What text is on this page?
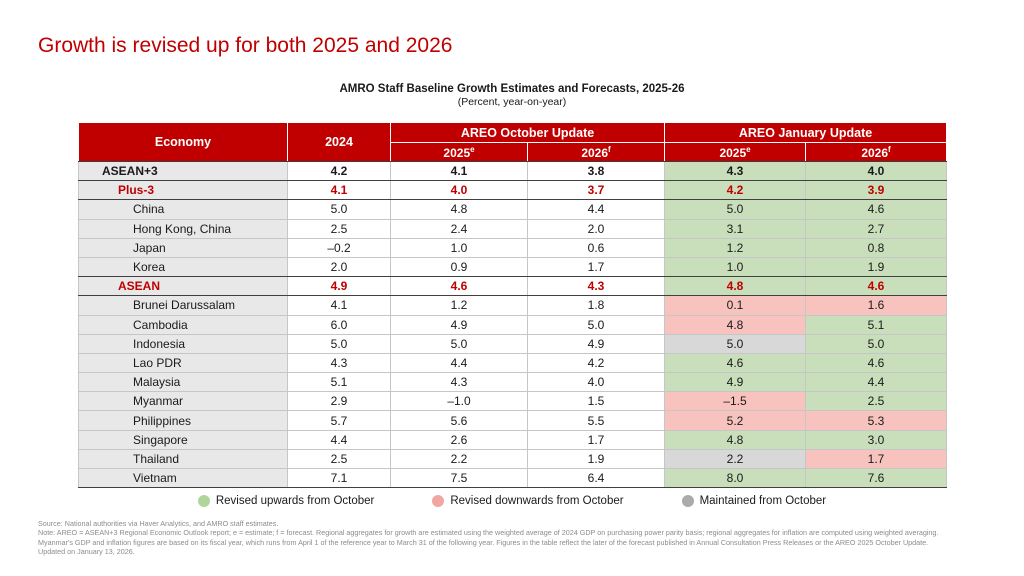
Growth is revised up for both 2025 and 2026
AMRO Staff Baseline Growth Estimates and Forecasts, 2025-26
(Percent, year-on-year)
Economy	2024	AREO October Update		AREO January Update	
		2025e	2026$^f$	2025e	2026$^f$
ASEAN+3	4.2	4.1	3.8	4.3	4.0
Plus-3	4.1	4.0	3.7	4.2	3.9
China	5.0	4.8	4.4	5.0	4.6
Hong Kong, China	2.5	2.4	2.0	3.1	2.7
Japan	–0.2	1.0	0.6	1.2	0.8
Korea	2.0	0.9	1.7	1.0	1.9
ASEAN	4.9	4.6	4.3	4.8	4.6
Brunei Darussalam	4.1	1.2	1.8	0.1	1.6
Cambodia	6.0	4.9	5.0	4.8	5.1
Indonesia	5.0	5.0	4.9	5.0	5.0
Lao PDR	4.3	4.4	4.2	4.6	4.6
Malaysia	5.1	4.3	4.0	4.9	4.4
Myanmar	2.9	–1.0	1.5	–1.5	2.5
Philippines	5.7	5.6	5.5	5.2	5.3
Singapore	4.4	2.6	1.7	4.8	3.0
Thailand	2.5	2.2	1.9	2.2	1.7
Vietnam	7.1	7.5	6.4	8.0	7.6
Revised upwards from October	Revised downwards from October	Maintained from October
Source: National authorities via Haver Analytics, and AMRO staff estimates.
Note: AREO = ASEAN+3 Regional Economic Outlook report; e = estimate; f = forecast. Regional aggregates for growth are estimated using the weighted average of 2024 GDP on purchasing power parity basis; regional aggregates for inflation are computed using weighted averaging. Myanmar's GDP and inflation figures are based on its fiscal year, which runs from April 1 of the reference year to March 31 of the following year. Figures in the table reflect the later of the forecast published in Annual Consultation Press Releases or the AREO 2025 October Update. Updated on January 13, 2026.
